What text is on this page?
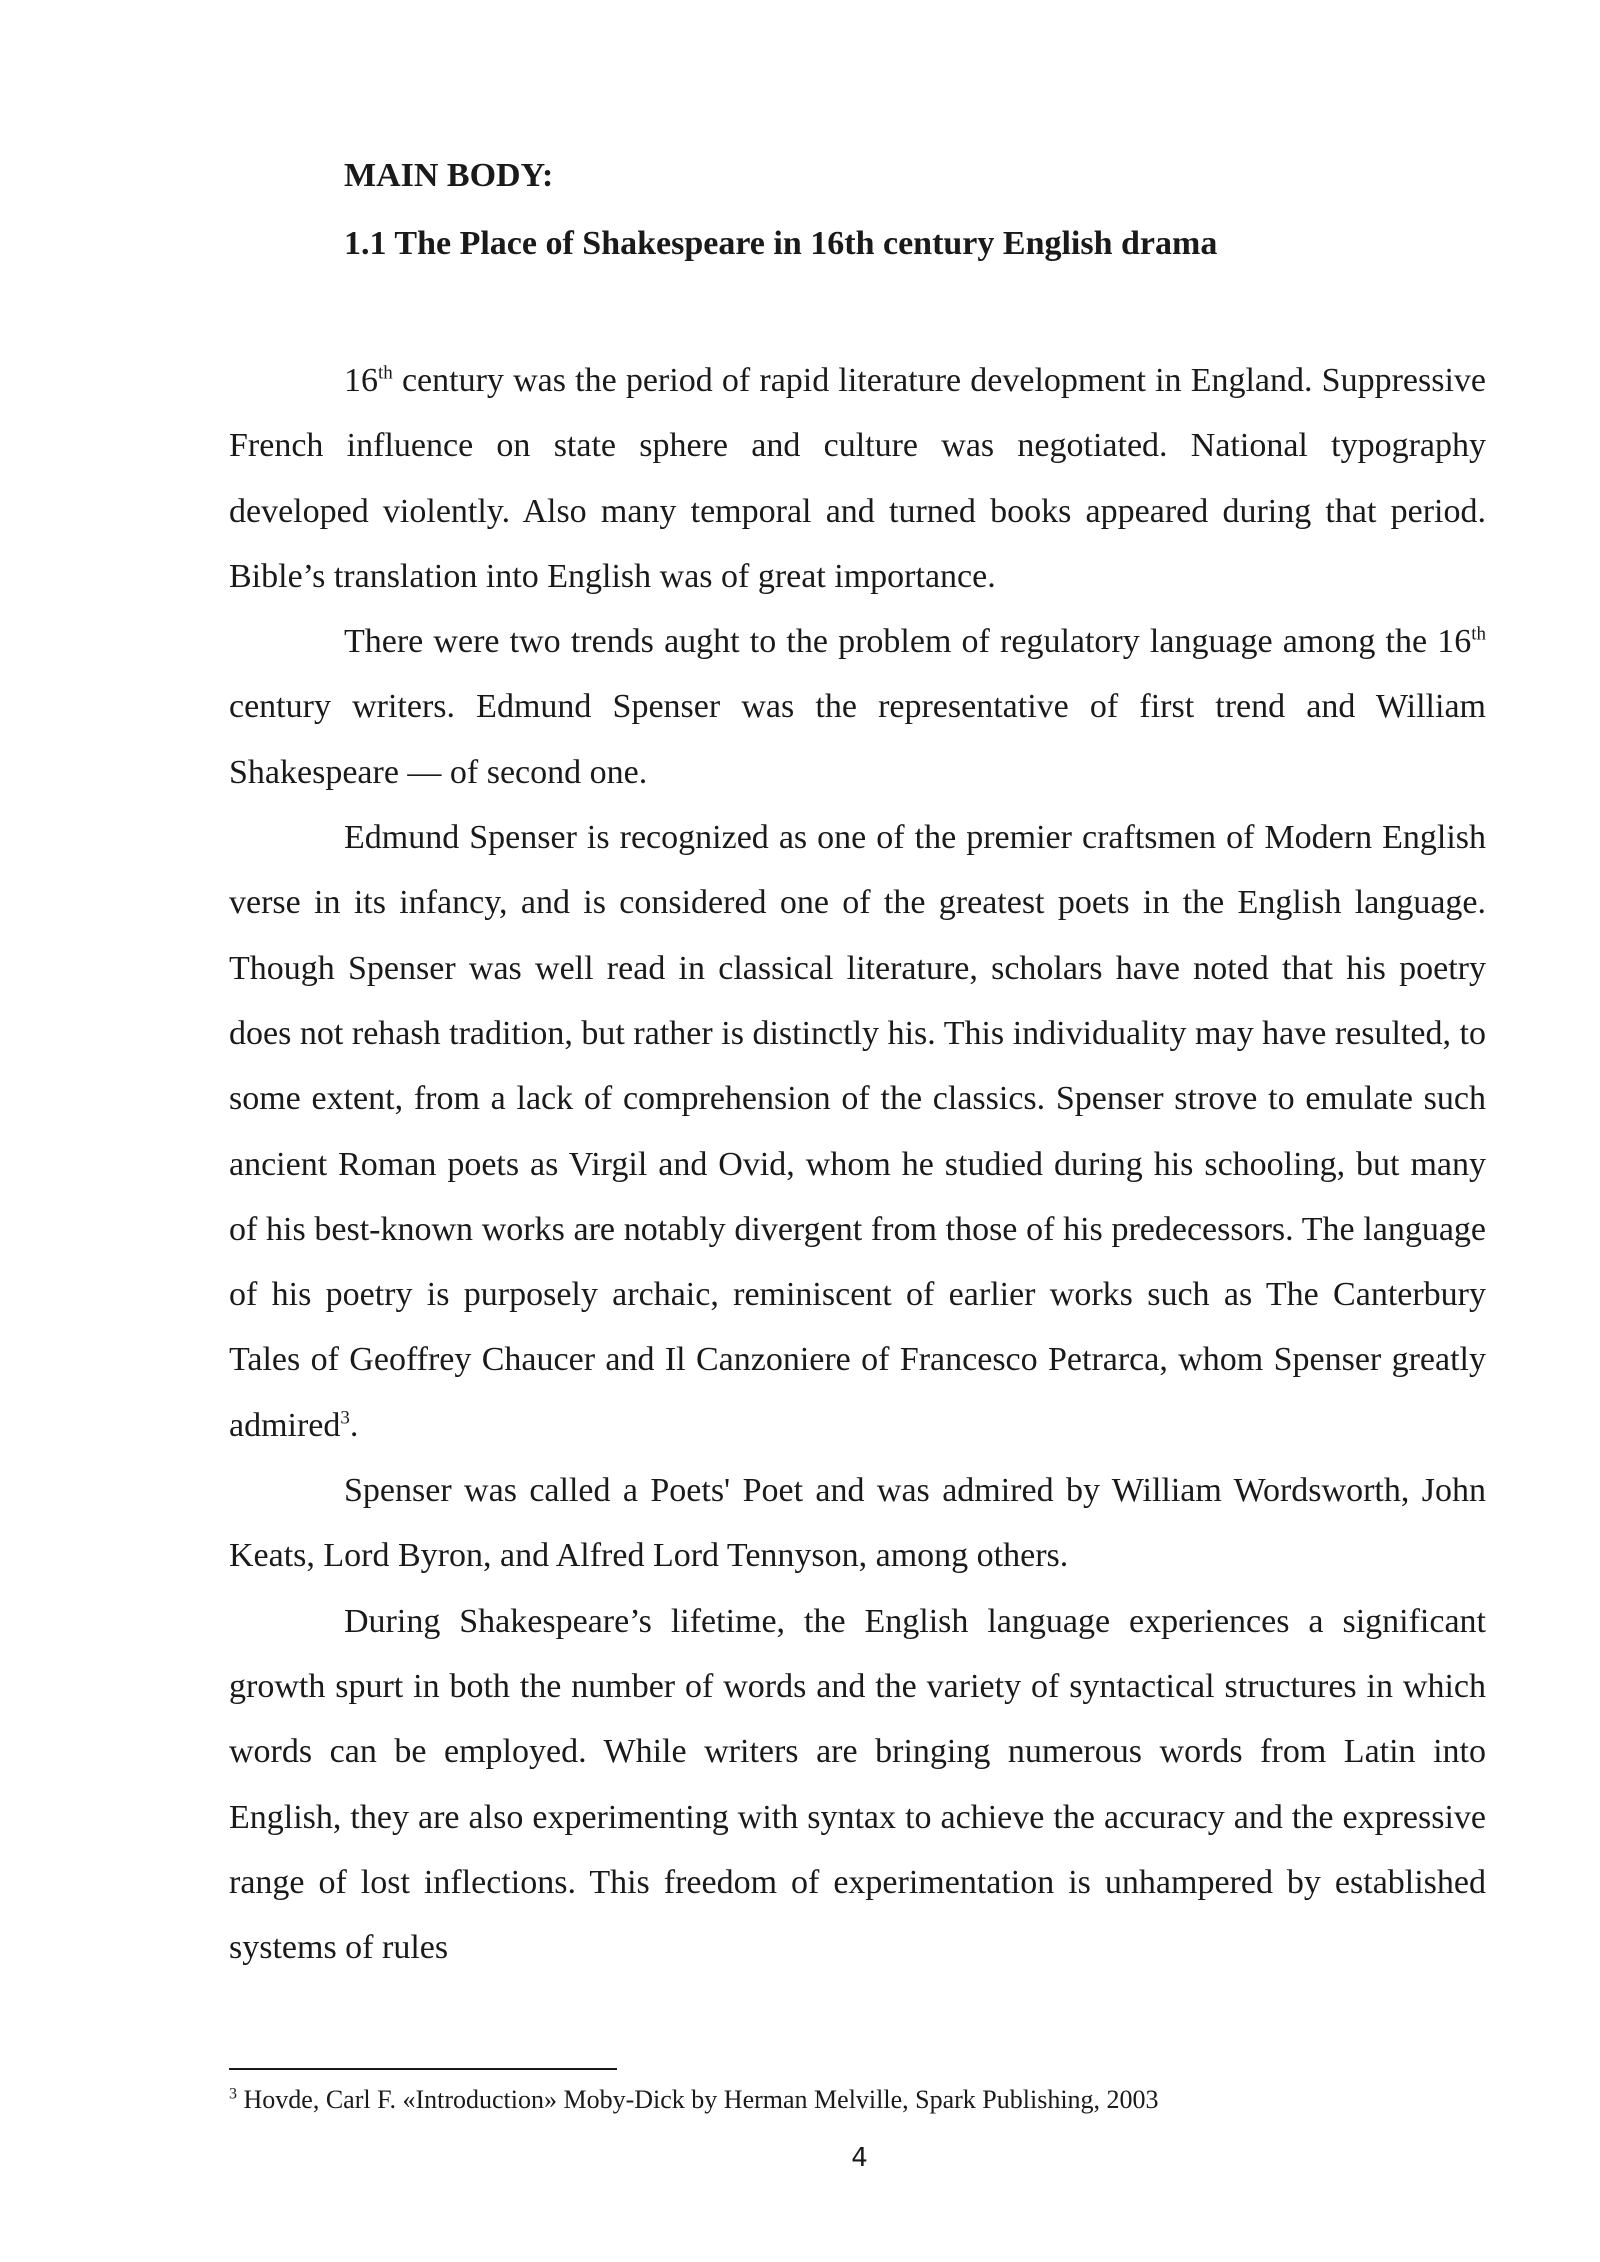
MAIN BODY:
1.1 The Place of Shakespeare in 16th century English drama

16th century was the period of rapid literature development in England. Suppressive French influence on state sphere and culture was negotiated. National typography developed violently. Also many temporal and turned books appeared during that period. Bible’s translation into English was of great importance.

There were two trends aught to the problem of regulatory language among the 16th century writers. Edmund Spenser was the representative of first trend and William Shakespeare — of second one.

Edmund Spenser is recognized as one of the premier craftsmen of Modern English verse in its infancy, and is considered one of the greatest poets in the English language. Though Spenser was well read in classical literature, scholars have noted that his poetry does not rehash tradition, but rather is distinctly his. This individuality may have resulted, to some extent, from a lack of comprehension of the classics. Spenser strove to emulate such ancient Roman poets as Virgil and Ovid, whom he studied during his schooling, but many of his best-known works are notably divergent from those of his predecessors. The language of his poetry is purposely archaic, reminiscent of earlier works such as The Canterbury Tales of Geoffrey Chaucer and Il Canzoniere of Francesco Petrarca, whom Spenser greatly admired$^3$.

Spenser was called a Poets' Poet and was admired by William Wordsworth, John Keats, Lord Byron, and Alfred Lord Tennyson, among others.

During Shakespeare’s lifetime, the English language experiences a significant growth spurt in both the number of words and the variety of syntactical structures in which words can be employed. While writers are bringing numerous words from Latin into English, they are also experimenting with syntax to achieve the accuracy and the expressive range of lost inflections. This freedom of experimentation is unhampered by established systems of rules

$^3$ Hovde, Carl F. «Introduction» Moby-Dick by Herman Melville, Spark Publishing, 2003
4
